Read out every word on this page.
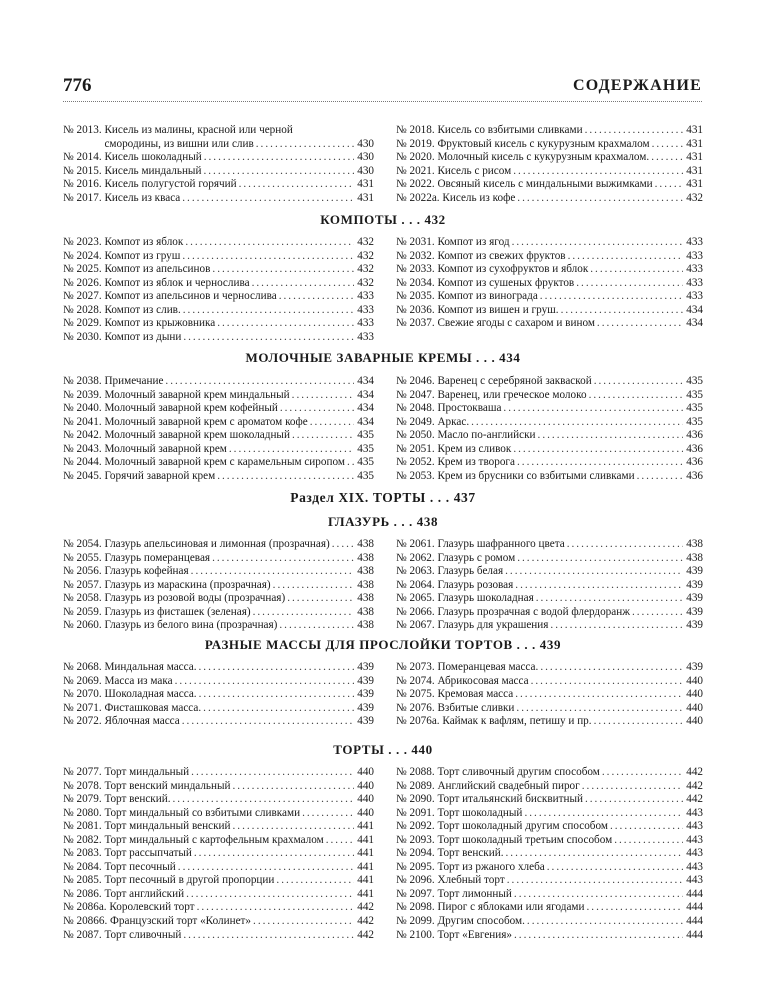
776	СОДЕРЖАНИЕ
№ 2013. Кисель из малины, красной или черной
смородины, из вишни или слив . . .	430
№ 2014. Кисель шоколадный . . .	430
№ 2015. Кисель миндальный . . .	430
№ 2016. Кисель полугустой горячий . . .	431
№ 2017. Кисель из кваса . . .	431
№ 2018. Кисель со взбитыми сливками . . .	431
№ 2019. Фруктовый кисель с кукурузным крахмалом . . .	431
№ 2020. Молочный кисель с кукурузным крахмалом. . . .	431
№ 2021. Кисель с рисом . . .	431
№ 2022. Овсяный кисель с миндальными выжимками . . .	431
№ 2022а. Кисель из кофе . . .	432
КОМПОТЫ . . . 432
№ 2023. Компот из яблок . . .	432
№ 2024. Компот из груш . . .	432
№ 2025. Компот из апельсинов . . .	432
№ 2026. Компот из яблок и чернослива . . .	432
№ 2027. Компот из апельсинов и чернослива . . .	433
№ 2028. Компот из слив. . . .	433
№ 2029. Компот из крыжовника . . .	433
№ 2030. Компот из дыни . . .	433
№ 2031. Компот из ягод . . .	433
№ 2032. Компот из свежих фруктов . . .	433
№ 2033. Компот из сухофруктов и яблок . . .	433
№ 2034. Компот из сушеных фруктов . . .	433
№ 2035. Компот из винограда . . .	433
№ 2036. Компот из вишен и груш. . . .	434
№ 2037. Свежие ягоды с сахаром и вином . . .	434
МОЛОЧНЫЕ ЗАВАРНЫЕ КРЕМЫ . . . 434
№ 2038. Примечание . . .	434
№ 2039. Молочный заварной крем миндальный . . .	434
№ 2040. Молочный заварной крем кофейный . . .	434
№ 2041. Молочный заварной крем с ароматом кофе . . .	434
№ 2042. Молочный заварной крем шоколадный . . .	435
№ 2043. Молочный заварной крем . . .	435
№ 2044. Молочный заварной крем с карамельным сиропом . . . 435
№ 2045. Горячий заварной крем . . .	435
№ 2046. Варенец с серебряной закваской . . .	435
№ 2047. Варенец, или греческое молоко . . .	435
№ 2048. Простокваша . . .	435
№ 2049. Аркас. . . .	435
№ 2050. Масло по-английски . . .	436
№ 2051. Крем из сливок . . .	436
№ 2052. Крем из творога . . .	436
№ 2053. Крем из брусники со взбитыми сливками . . .	436
Раздел XIX. ТОРТЫ . . . 437
ГЛАЗУРЬ . . . 438
№ 2054. Глазурь апельсиновая и лимонная (прозрачная) . . . 438
№ 2055. Глазурь померанцевая . . .	438
№ 2056. Глазурь кофейная . . .	438
№ 2057. Глазурь из мараскина (прозрачная) . . .	438
№ 2058. Глазурь из розовой воды (прозрачная) . . .	438
№ 2059. Глазурь из фисташек (зеленая) . . .	438
№ 2060. Глазурь из белого вина (прозрачная) . . .	438
№ 2061. Глазурь шафранного цвета . . .	438
№ 2062. Глазурь с ромом . . .	438
№ 2063. Глазурь белая . . .	439
№ 2064. Глазурь розовая . . .	439
№ 2065. Глазурь шоколадная . . .	439
№ 2066. Глазурь прозрачная с водой флердоранж . . .	439
№ 2067. Глазурь для украшения . . .	439
РАЗНЫЕ МАССЫ ДЛЯ ПРОСЛОЙКИ ТОРТОВ . . . 439
№ 2068. Миндальная масса. . . .	439
№ 2069. Масса из мака . . .	439
№ 2070. Шоколадная масса. . . .	439
№ 2071. Фисташковая масса. . . .	439
№ 2072. Яблочная масса . . .	439
№ 2073. Померанцевая масса. . . .	439
№ 2074. Абрикосовая масса . . .	440
№ 2075. Кремовая масса . . .	440
№ 2076. Взбитые сливки . . .	440
№ 2076а. Каймак к вафлям, петишу и пр. . . .	440
ТОРТЫ . . . 440
№ 2077. Торт миндальный . . .	440
№ 2078. Торт венский миндальный . . .	440
№ 2079. Торт венский. . . .	440
№ 2080. Торт миндальный со взбитыми сливками . . .	440
№ 2081. Торт миндальный венский . . .	441
№ 2082. Торт миндальный с картофельным крахмалом . . .	441
№ 2083. Торт рассыпчатый . . .	441
№ 2084. Торт песочный . . .	441
№ 2085. Торт песочный в другой пропорции . . .	441
№ 2086. Торт английский . . .	441
№ 2086а. Королевский торт . . .	442
№ 20866. Французский торт «Колинет» . . .	442
№ 2087. Торт сливочный . . .	442
№ 2088. Торт сливочный другим способом . . .	442
№ 2089. Английский свадебный пирог . . .	442
№ 2090. Торт итальянский бисквитный . . .	442
№ 2091. Торт шоколадный . . .	443
№ 2092. Торт шоколадный другим способом . . .	443
№ 2093. Торт шоколадный третьим способом . . .	443
№ 2094. Торт венский. . . .	443
№ 2095. Торт из ржаного хлеба . . .	443
№ 2096. Хлебный торт . . .	443
№ 2097. Торт лимонный . . .	444
№ 2098. Пирог с яблоками или ягодами . . .	444
№ 2099. Другим способом. . . .	444
№ 2100. Торт «Евгения» . . .	444
